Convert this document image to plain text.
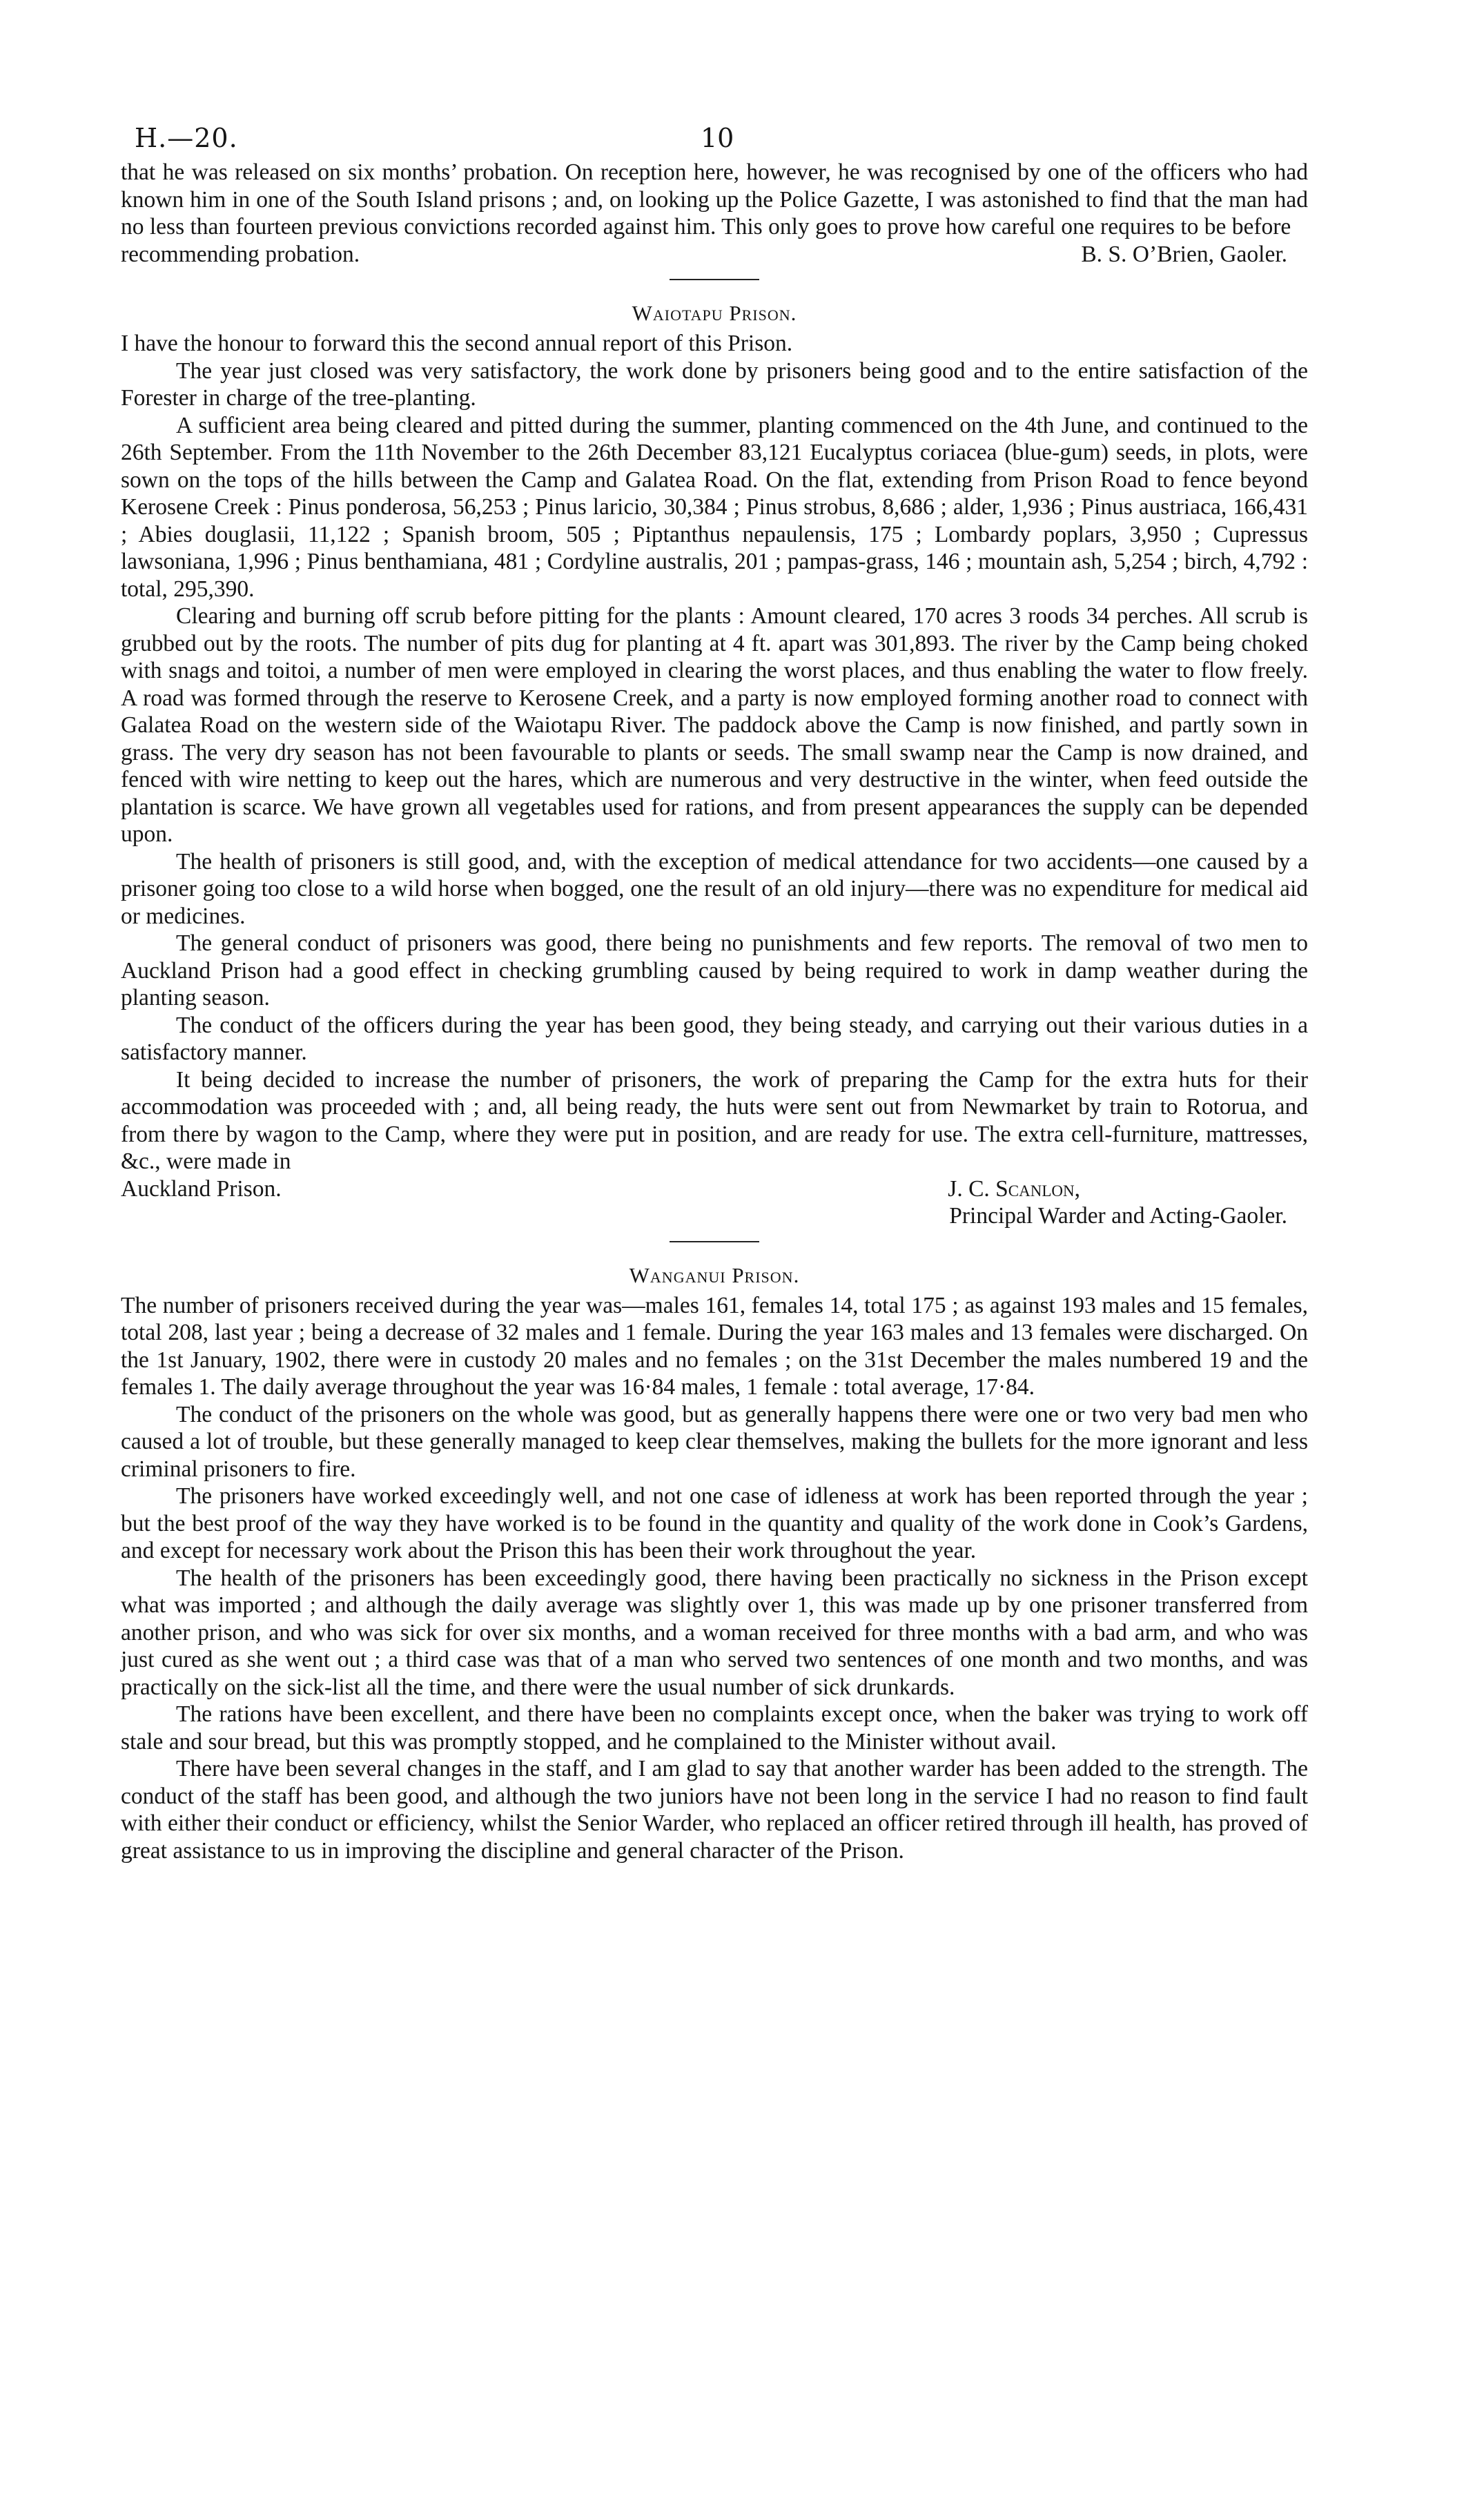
H.—20.	10

that he was released on six months’ probation. On reception here, however, he was recognised by one of the officers who had known him in one of the South Island prisons ; and, on looking up the Police Gazette, I was astonished to find that the man had no less than fourteen previous convictions recorded against him. This only goes to prove how careful one requires to be before

recommending probation.	B. S. O’Brien, Gaoler.
Waiotapu Prison.

I have the honour to forward this the second annual report of this Prison.

The year just closed was very satisfactory, the work done by prisoners being good and to the entire satisfaction of the Forester in charge of the tree-planting.

A sufficient area being cleared and pitted during the summer, planting commenced on the 4th June, and continued to the 26th September. From the 11th November to the 26th December 83,121 Eucalyptus coriacea (blue-gum) seeds, in plots, were sown on the tops of the hills between the Camp and Galatea Road. On the flat, extending from Prison Road to fence beyond Kerosene Creek : Pinus ponderosa, 56,253 ; Pinus laricio, 30,384 ; Pinus strobus, 8,686 ; alder, 1,936 ; Pinus austriaca, 166,431 ; Abies douglasii, 11,122 ; Spanish broom, 505 ; Piptanthus nepaulensis, 175 ; Lombardy poplars, 3,950 ; Cupressus lawsoniana, 1,996 ; Pinus benthamiana, 481 ; Cordyline australis, 201 ; pampas-grass, 146 ; mountain ash, 5,254 ; birch, 4,792 : total, 295,390.

Clearing and burning off scrub before pitting for the plants : Amount cleared, 170 acres 3 roods 34 perches. All scrub is grubbed out by the roots. The number of pits dug for planting at 4 ft. apart was 301,893. The river by the Camp being choked with snags and toitoi, a number of men were employed in clearing the worst places, and thus enabling the water to flow freely. A road was formed through the reserve to Kerosene Creek, and a party is now employed forming another road to connect with Galatea Road on the western side of the Waiotapu River. The paddock above the Camp is now finished, and partly sown in grass. The very dry season has not been favourable to plants or seeds. The small swamp near the Camp is now drained, and fenced with wire netting to keep out the hares, which are numerous and very destructive in the winter, when feed outside the plantation is scarce. We have grown all vegetables used for rations, and from present appearances the supply can be depended upon.

The health of prisoners is still good, and, with the exception of medical attendance for two accidents—one caused by a prisoner going too close to a wild horse when bogged, one the result of an old injury—there was no expenditure for medical aid or medicines.

The general conduct of prisoners was good, there being no punishments and few reports. The removal of two men to Auckland Prison had a good effect in checking grumbling caused by being required to work in damp weather during the planting season.

The conduct of the officers during the year has been good, they being steady, and carrying out their various duties in a satisfactory manner.

It being decided to increase the number of prisoners, the work of preparing the Camp for the extra huts for their accommodation was proceeded with ; and, all being ready, the huts were sent out from Newmarket by train to Rotorua, and from there by wagon to the Camp, where they were put in position, and are ready for use. The extra cell-furniture, mattresses, &c., were made in

Auckland Prison.	J. C. Scanlon,
Principal Warder and Acting-Gaoler.
Wanganui Prison.

The number of prisoners received during the year was—males 161, females 14, total 175 ; as against 193 males and 15 females, total 208, last year ; being a decrease of 32 males and 1 female. During the year 163 males and 13 females were discharged. On the 1st January, 1902, there were in custody 20 males and no females ; on the 31st December the males numbered 19 and the females 1. The daily average throughout the year was 16·84 males, 1 female : total average, 17·84.

The conduct of the prisoners on the whole was good, but as generally happens there were one or two very bad men who caused a lot of trouble, but these generally managed to keep clear themselves, making the bullets for the more ignorant and less criminal prisoners to fire.

The prisoners have worked exceedingly well, and not one case of idleness at work has been reported through the year ; but the best proof of the way they have worked is to be found in the quantity and quality of the work done in Cook’s Gardens, and except for necessary work about the Prison this has been their work throughout the year.

The health of the prisoners has been exceedingly good, there having been practically no sickness in the Prison except what was imported ; and although the daily average was slightly over 1, this was made up by one prisoner transferred from another prison, and who was sick for over six months, and a woman received for three months with a bad arm, and who was just cured as she went out ; a third case was that of a man who served two sentences of one month and two months, and was practically on the sick-list all the time, and there were the usual number of sick drunkards.

The rations have been excellent, and there have been no complaints except once, when the baker was trying to work off stale and sour bread, but this was promptly stopped, and he complained to the Minister without avail.

There have been several changes in the staff, and I am glad to say that another warder has been added to the strength. The conduct of the staff has been good, and although the two juniors have not been long in the service I had no reason to find fault with either their conduct or efficiency, whilst the Senior Warder, who replaced an officer retired through ill health, has proved of great assistance to us in improving the discipline and general character of the Prison.
